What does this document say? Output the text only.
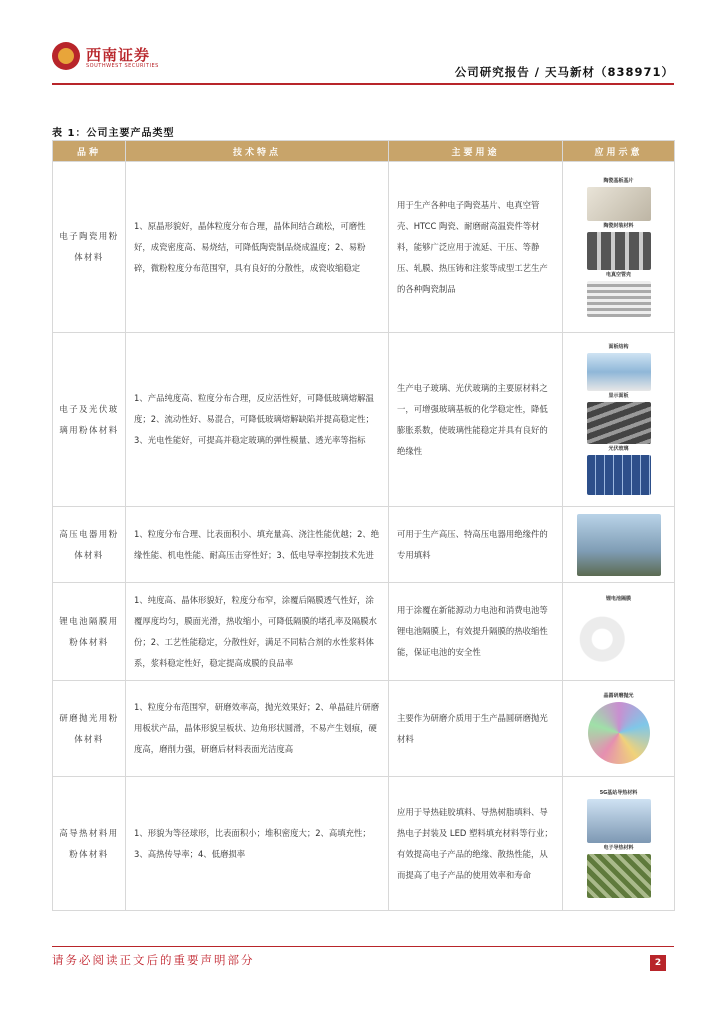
西南证券
SOUTHWEST SECURITIES	公司研究报告 / 天马新材（838971）
表 1：公司主要产品类型
品种	技术特点	主要用途	应用示意
电子陶瓷用粉体材料	1、原晶形貌好，晶体粒度分布合理，晶体间结合疏松，可磨性好，成瓷密度高、易烧结，可降低陶瓷制品烧成温度；2、易粉碎，微粉粒度分布范围窄，具有良好的分散性，成瓷收缩稳定	用于生产各种电子陶瓷基片、电真空管壳、HTCC 陶瓷、耐磨耐高温瓷件等材料，能够广泛应用于流延、干压、等静压、轧膜、热压铸和注浆等成型工艺生产的各种陶瓷制品	陶瓷基板基片
陶瓷封装材料
电真空管壳

电子及光伏玻璃用粉体材料	1、产品纯度高、粒度分布合理，反应活性好，可降低玻璃熔解温度；2、流动性好、易混合，可降低玻璃熔解缺陷并提高稳定性；3、光电性能好，可提高并稳定玻璃的弹性模量、透光率等指标	生产电子玻璃、光伏玻璃的主要原材料之一，可增强玻璃基板的化学稳定性，降低膨胀系数，使玻璃性能稳定并具有良好的绝缘性	面板结构
显示面板
光伏玻璃

高压电器用粉体材料	1、粒度分布合理、比表面积小、填充量高、浇注性能优越；2、绝缘性能、机电性能、耐高压击穿性好；3、低电导率控制技术先进	可用于生产高压、特高压电器用绝缘件的专用填料	

锂电池隔膜用粉体材料	1、纯度高、晶体形貌好，粒度分布窄，涂覆后隔膜透气性好，涂覆厚度均匀，膜面光滑，热收缩小，可降低隔膜的堵孔率及隔膜水份；2、工艺性能稳定，分散性好，满足不同粘合剂的水性浆料体系，浆料稳定性好，稳定提高成膜的良品率	用于涂覆在新能源动力电池和消费电池等锂电池隔膜上，有效提升隔膜的热收缩性能，保证电池的安全性	锂电池隔膜

研磨抛光用粉体材料	1、粒度分布范围窄，研磨效率高，抛光效果好；2、单晶硅片研磨用板状产品，晶体形貌呈板状、边角形状圆滑，不易产生划痕，硬度高，磨削力强，研磨后材料表面光洁度高	主要作为研磨介质用于生产晶圆研磨抛光材料	晶圆研磨抛光

高导热材料用粉体材料	1、形貌为等径球形，比表面积小；堆积密度大；2、高填充性；3、高热传导率；4、低磨损率	应用于导热硅胶填料、导热树脂填料、导热电子封装及 LED 塑料填充材料等行业；有效提高电子产品的绝缘、散热性能，从而提高了电子产品的使用效率和寿命	5G基站导热材料
电子导热材料
请务必阅读正文后的重要声明部分	2
